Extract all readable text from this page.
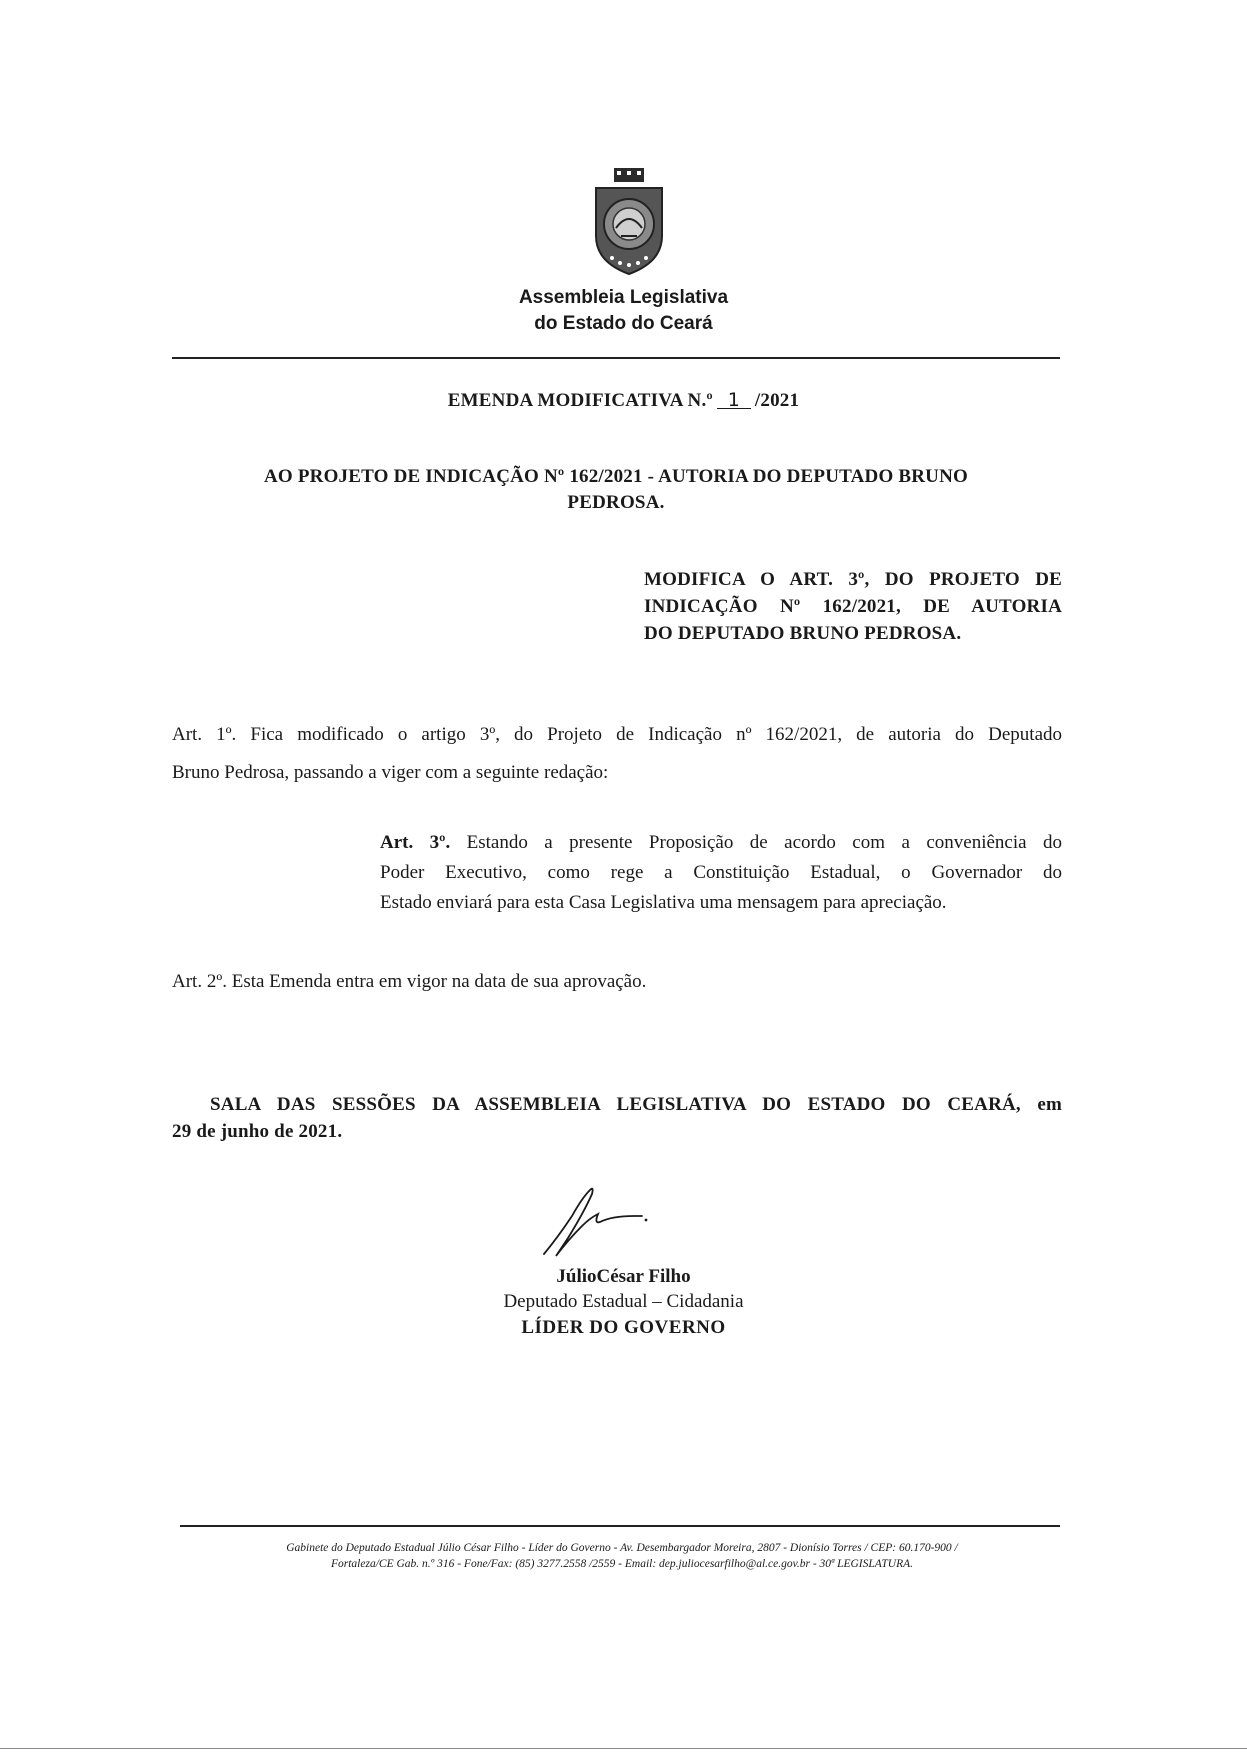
Assembleia Legislativa
do Estado do Ceará
EMENDA MODIFICATIVA N.º 1 /2021
AO PROJETO DE INDICAÇÃO Nº 162/2021 - AUTORIA DO DEPUTADO BRUNO
PEDROSA.
MODIFICA O ART. 3º, DO PROJETO DE
INDICAÇÃO Nº 162/2021, DE AUTORIA
DO DEPUTADO BRUNO PEDROSA.
Art. 1º. Fica modificado o artigo 3º, do Projeto de Indicação nº 162/2021, de autoria do Deputado
Bruno Pedrosa, passando a viger com a seguinte redação:
Art. 3º. Estando a presente Proposição de acordo com a conveniência do
Poder Executivo, como rege a Constituição Estadual, o Governador do
Estado enviará para esta Casa Legislativa uma mensagem para apreciação.
Art. 2º. Esta Emenda entra em vigor na data de sua aprovação.
SALA DAS SESSÕES DA ASSEMBLEIA LEGISLATIVA DO ESTADO DO CEARÁ, em
29 de junho de 2021.
JúlioCésar Filho
Deputado Estadual – Cidadania
LÍDER DO GOVERNO
Gabinete do Deputado Estadual Júlio César Filho - Líder do Governo - Av. Desembargador Moreira, 2807 - Dionísio Torres / CEP: 60.170-900 /
Fortaleza/CE Gab. n.º 316 - Fone/Fax: (85) 3277.2558 /2559 - Email: dep.juliocesarfilho@al.ce.gov.br - 30ª LEGISLATURA.
